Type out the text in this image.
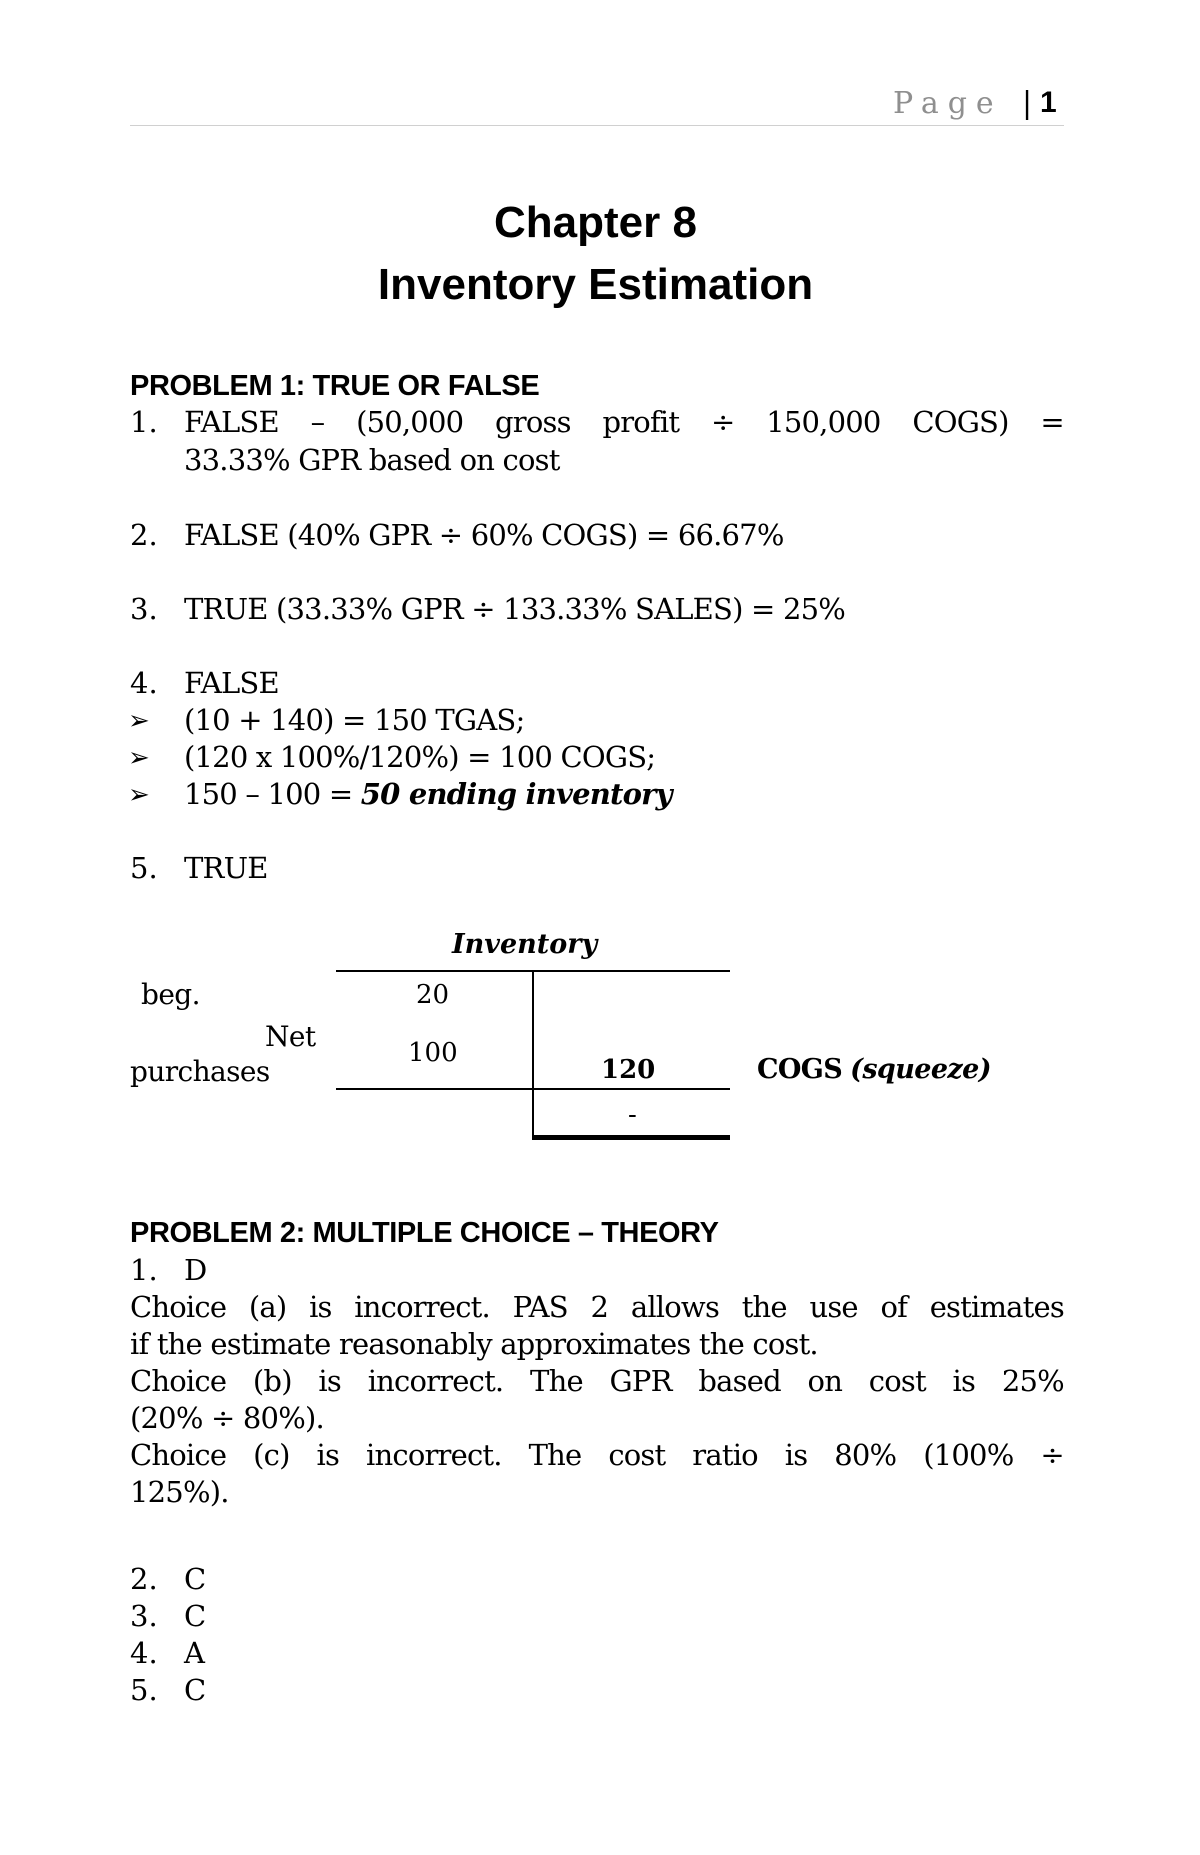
Page | 1
Chapter 8
Inventory Estimation
PROBLEM 1: TRUE OR FALSE
1. FALSE – (50,000 gross profit ÷ 150,000 COGS) =
33.33% GPR based on cost
2. FALSE (40% GPR ÷ 60% COGS) = 66.67%
3. TRUE (33.33% GPR ÷ 133.33% SALES) = 25%
4. FALSE
➢ (10 + 140) = 150 TGAS;
➢ (120 x 100%/120%) = 100 COGS;
➢ 150 – 100 = 50 ending inventory
5. TRUE
Inventory
beg.	20
Net
purchases
100
120	COGS (squeeze)
-
PROBLEM 2: MULTIPLE CHOICE – THEORY
1. D
Choice (a) is incorrect. PAS 2 allows the use of estimates
if the estimate reasonably approximates the cost.
Choice (b) is incorrect. The GPR based on cost is 25%
(20% ÷ 80%).
Choice (c) is incorrect. The cost ratio is 80% (100% ÷
125%).
2. C
3. C
4. A
5. C
